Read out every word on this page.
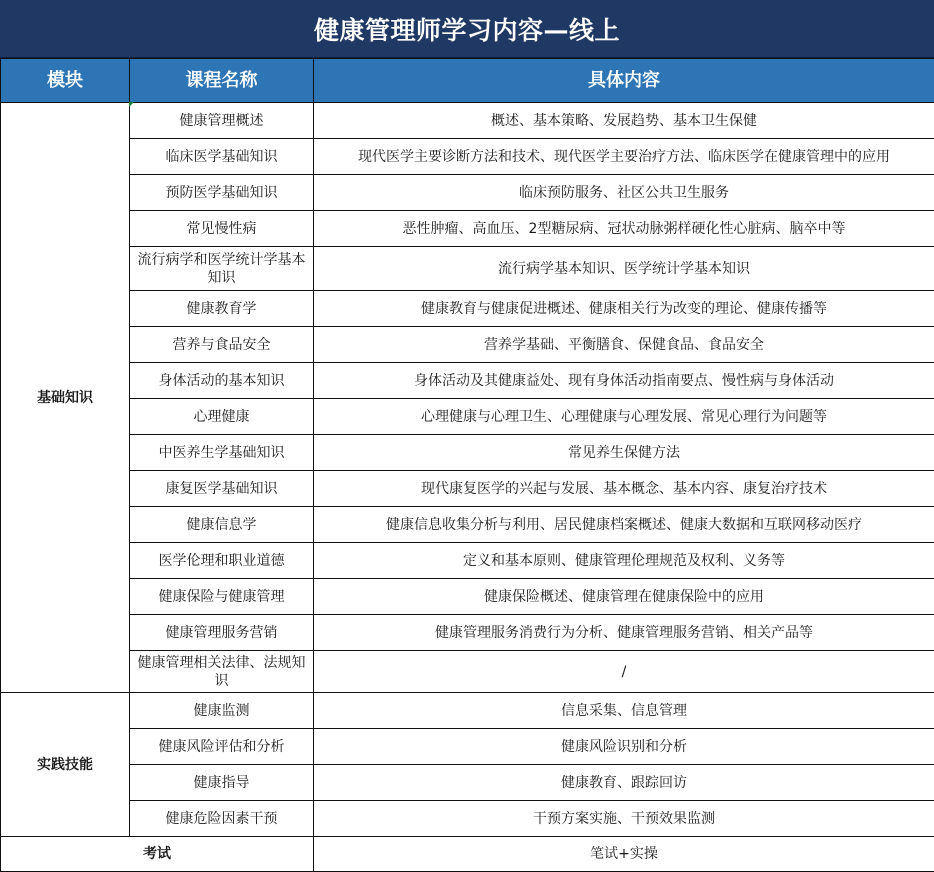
健康管理师学习内容—线上
模块	课程名称	具体内容
基础知识	健康管理概述	概述、基本策略、发展趋势、基本卫生保健
	临床医学基础知识	现代医学主要诊断方法和技术、现代医学主要治疗方法、临床医学在健康管理中的应用
	预防医学基础知识	临床预防服务、社区公共卫生服务
	常见慢性病	恶性肿瘤、高血压、2型糖尿病、冠状动脉粥样硬化性心脏病、脑卒中等
	流行病学和医学统计学基本知识	流行病学基本知识、医学统计学基本知识
	健康教育学	健康教育与健康促进概述、健康相关行为改变的理论、健康传播等
	营养与食品安全	营养学基础、平衡膳食、保健食品、食品安全
	身体活动的基本知识	身体活动及其健康益处、现有身体活动指南要点、慢性病与身体活动
	心理健康	心理健康与心理卫生、心理健康与心理发展、常见心理行为问题等
	中医养生学基础知识	常见养生保健方法
	康复医学基础知识	现代康复医学的兴起与发展、基本概念、基本内容、康复治疗技术
	健康信息学	健康信息收集分析与利用、居民健康档案概述、健康大数据和互联网移动医疗
	医学伦理和职业道德	定义和基本原则、健康管理伦理规范及权利、义务等
	健康保险与健康管理	健康保险概述、健康管理在健康保险中的应用
	健康管理服务营销	健康管理服务消费行为分析、健康管理服务营销、相关产品等
	健康管理相关法律、法规知识	/
实践技能	健康监测	信息采集、信息管理
	健康风险评估和分析	健康风险识别和分析
	健康指导	健康教育、跟踪回访
	健康危险因素干预	干预方案实施、干预效果监测
考试		笔试+实操
